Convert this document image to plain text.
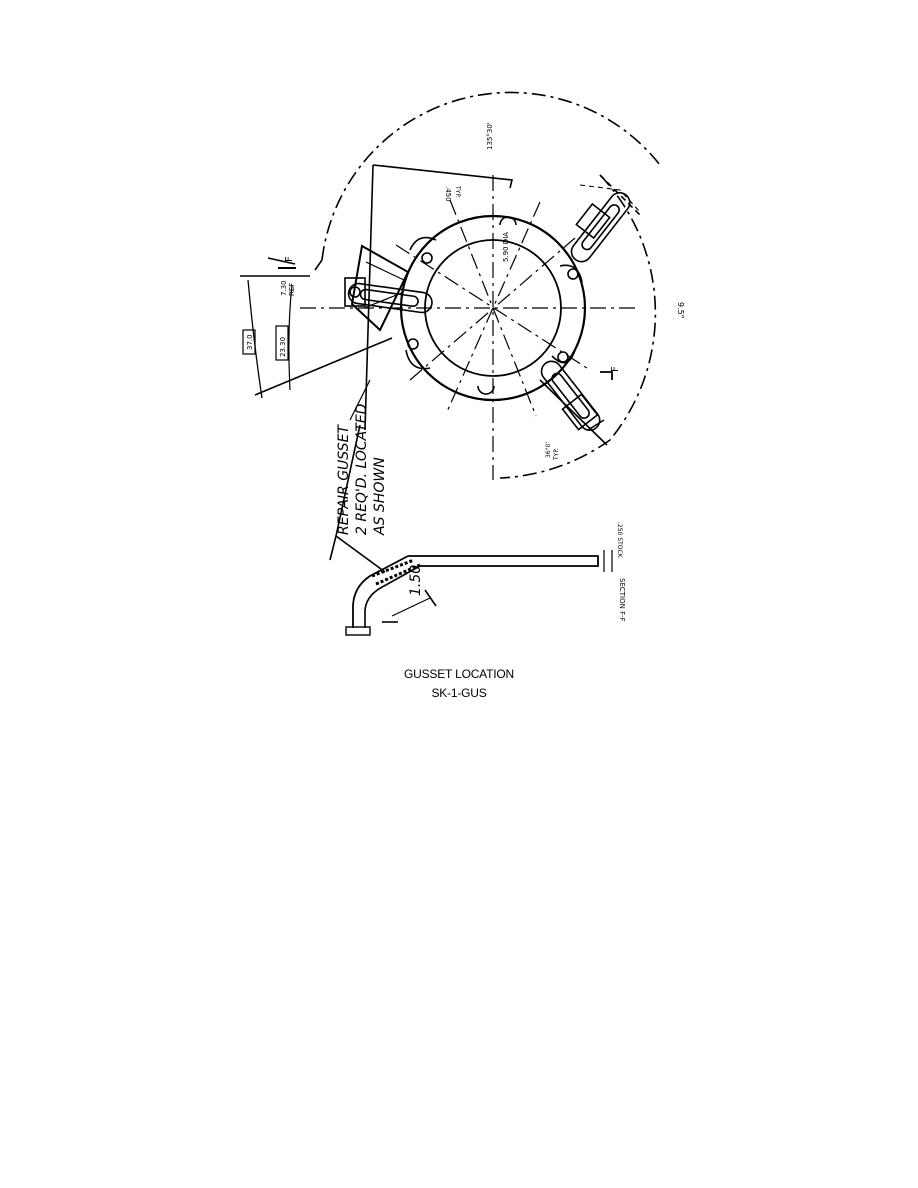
135°30'
.450 TYP.
5.90 DIA
9.5"
36°0' TYP.
7.30 REF
37.0	23.30
F
F
.250 STOCK
SECTION F-F
1.50
REPAIR GUSSET 2 REQ'D. LOCATED AS SHOWN
GUSSET LOCATION
SK-1-GUS
